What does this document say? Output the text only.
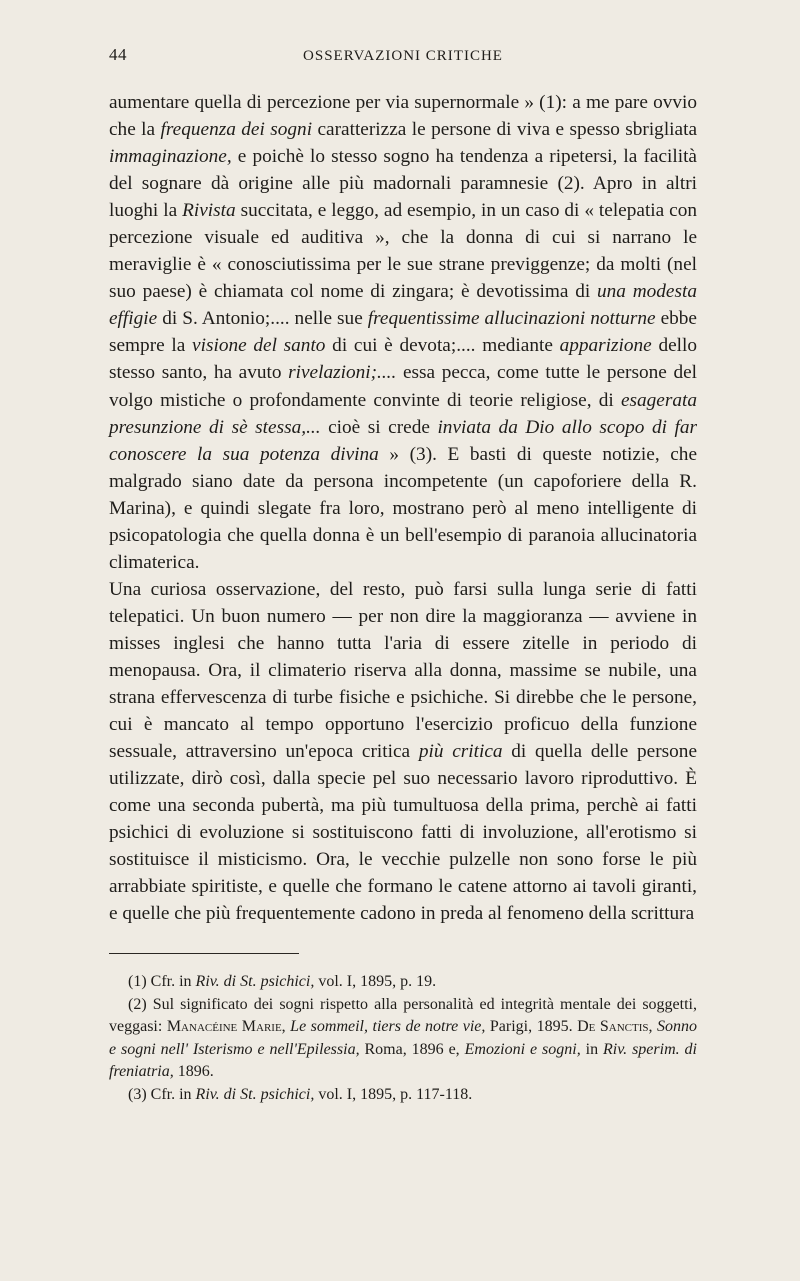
44	OSSERVAZIONI CRITICHE

aumentare quella di percezione per via supernormale » (1): a me pare ovvio che la frequenza dei sogni caratterizza le persone di viva e spesso sbrigliata immaginazione, e poichè lo stesso sogno ha tendenza a ripetersi, la facilità del sognare dà origine alle più madornali paramnesie (2). Apro in altri luoghi la Rivista succitata, e leggo, ad esempio, in un caso di « telepatia con percezione visuale ed auditiva », che la donna di cui si narrano le meraviglie è « conosciutissima per le sue strane previggenze; da molti (nel suo paese) è chiamata col nome di zingara; è devotissima di una modesta effigie di S. Antonio;.... nelle sue frequentissime allucinazioni notturne ebbe sempre la visione del santo di cui è devota;.... mediante apparizione dello stesso santo, ha avuto rivelazioni;.... essa pecca, come tutte le persone del volgo mistiche o profondamente convinte di teorie religiose, di esagerata presunzione di sè stessa,... cioè si crede inviata da Dio allo scopo di far conoscere la sua potenza divina » (3). E basti di queste notizie, che malgrado siano date da persona incompetente (un capoforiere della R. Marina), e quindi slegate fra loro, mostrano però al meno intelligente di psicopatologia che quella donna è un bell'esempio di paranoia allucinatoria climaterica.

Una curiosa osservazione, del resto, può farsi sulla lunga serie di fatti telepatici. Un buon numero — per non dire la maggioranza — avviene in misses inglesi che hanno tutta l'aria di essere zitelle in periodo di menopausa. Ora, il climaterio riserva alla donna, massime se nubile, una strana effervescenza di turbe fisiche e psichiche. Si direbbe che le persone, cui è mancato al tempo opportuno l'esercizio proficuo della funzione sessuale, attraversino un'epoca critica più critica di quella delle persone utilizzate, dirò così, dalla specie pel suo necessario lavoro riproduttivo. È come una seconda pubertà, ma più tumultuosa della prima, perchè ai fatti psichici di evoluzione si sostituiscono fatti di involuzione, all'erotismo si sostituisce il misticismo. Ora, le vecchie pulzelle non sono forse le più arrabbiate spiritiste, e quelle che formano le catene attorno ai tavoli giranti, e quelle che più frequentemente cadono in preda al fenomeno della scrittura

(1) Cfr. in Riv. di St. psichici, vol. I, 1895, p. 19.

(2) Sul significato dei sogni rispetto alla personalità ed integrità mentale dei soggetti, veggasi: Manacéine Marie, Le sommeil, tiers de notre vie, Parigi, 1895. De Sanctis, Sonno e sogni nell' Isterismo e nell'Epilessia, Roma, 1896 e, Emozioni e sogni, in Riv. sperim. di freniatria, 1896.

(3) Cfr. in Riv. di St. psichici, vol. I, 1895, p. 117-118.
